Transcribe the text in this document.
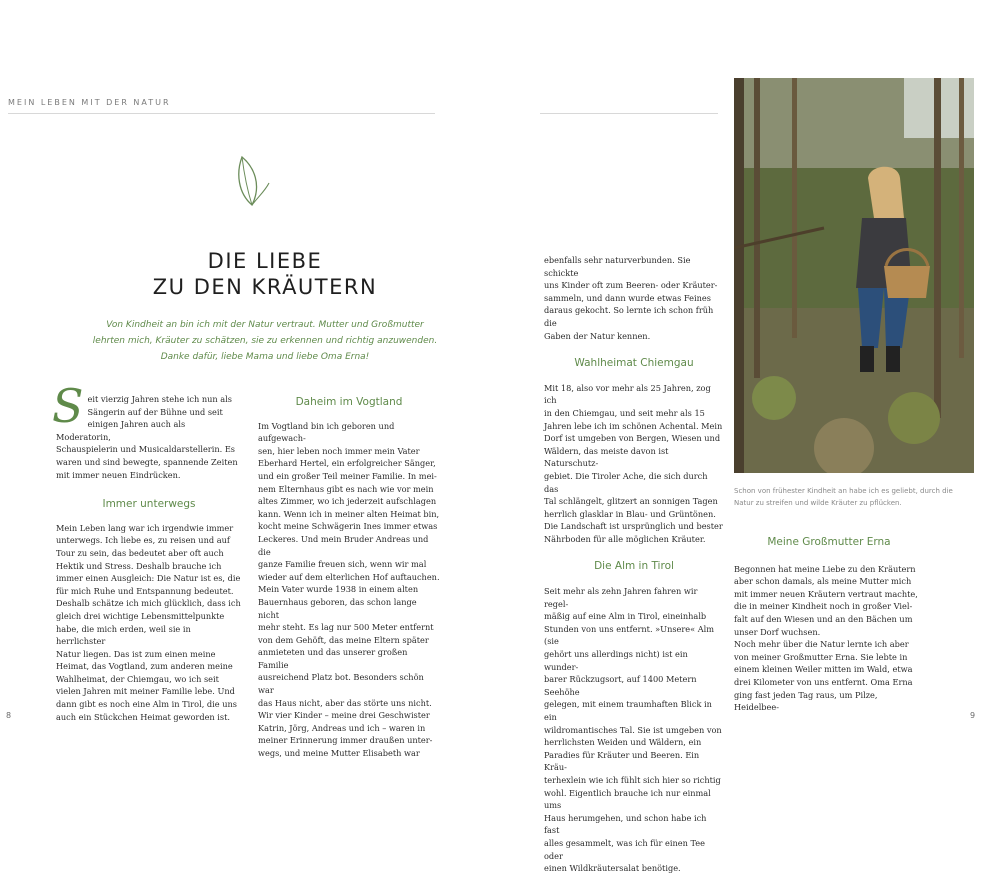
MEIN LEBEN MIT DER NATUR
DIE LIEBE
ZU DEN KRÄUTERN
Von Kindheit an bin ich mit der Natur vertraut. Mutter und Großmutter
lehrten mich, Kräuter zu schätzen, sie zu erkennen und richtig anzuwenden.
Danke dafür, liebe Mama und liebe Oma Erna!
S eit vierzig Jahren stehe ich nun als
Sängerin auf der Bühne und seit
einigen Jahren auch als Moderatorin,
Schauspielerin und Musicaldarstellerin. Es
waren und sind bewegte, spannende Zeiten
mit immer neuen Eindrücken.

Immer unterwegs

Mein Leben lang war ich irgendwie immer
unterwegs. Ich liebe es, zu reisen und auf
Tour zu sein, das bedeutet aber oft auch
Hektik und Stress. Deshalb brauche ich
immer einen Ausgleich: Die Natur ist es, die
für mich Ruhe und Entspannung bedeutet.
Deshalb schätze ich mich glücklich, dass ich
gleich drei wichtige Lebensmittelpunkte
habe, die mich erden, weil sie in herrlichster
Natur liegen. Das ist zum einen meine
Heimat, das Vogtland, zum anderen meine
Wahlheimat, der Chiemgau, wo ich seit
vielen Jahren mit meiner Familie lebe. Und
dann gibt es noch eine Alm in Tirol, die uns
auch ein Stückchen Heimat geworden ist.

Daheim im Vogtland

Im Vogtland bin ich geboren und aufgewach-
sen, hier leben noch immer mein Vater
Eberhard Hertel, ein erfolgreicher Sänger,
und ein großer Teil meiner Familie. In mei-
nem Elternhaus gibt es nach wie vor mein
altes Zimmer, wo ich jederzeit aufschlagen
kann. Wenn ich in meiner alten Heimat bin,
kocht meine Schwägerin Ines immer etwas
Leckeres. Und mein Bruder Andreas und die
ganze Familie freuen sich, wenn wir mal
wieder auf dem elterlichen Hof auftauchen.
Mein Vater wurde 1938 in einem alten
Bauernhaus geboren, das schon lange nicht
mehr steht. Es lag nur 500 Meter entfernt
von dem Gehöft, das meine Eltern später
anmieteten und das unserer großen Familie
ausreichend Platz bot. Besonders schön war
das Haus nicht, aber das störte uns nicht.
Wir vier Kinder – meine drei Geschwister
Katrin, Jörg, Andreas und ich – waren in
meiner Erinnerung immer draußen unter-
wegs, und meine Mutter Elisabeth war

8

ebenfalls sehr naturverbunden. Sie schickte
uns Kinder oft zum Beeren- oder Kräuter-
sammeln, und dann wurde etwas Feines
daraus gekocht. So lernte ich schon früh die
Gaben der Natur kennen.

Wahlheimat Chiemgau

Mit 18, also vor mehr als 25 Jahren, zog ich
in den Chiemgau, und seit mehr als 15
Jahren lebe ich im schönen Achental. Mein
Dorf ist umgeben von Bergen, Wiesen und
Wäldern, das meiste davon ist Naturschutz-
gebiet. Die Tiroler Ache, die sich durch das
Tal schlängelt, glitzert an sonnigen Tagen
herrlich glasklar in Blau- und Grüntönen.
Die Landschaft ist ursprünglich und bester
Nährboden für alle möglichen Kräuter.

Die Alm in Tirol

Seit mehr als zehn Jahren fahren wir regel-
mäßig auf eine Alm in Tirol, eineinhalb
Stunden von uns entfernt. »Unsere« Alm (sie
gehört uns allerdings nicht) ist ein wunder-
barer Rückzugsort, auf 1400 Metern Seehöhe
gelegen, mit einem traumhaften Blick in ein
wildromantisches Tal. Sie ist umgeben von
herrlichsten Weiden und Wäldern, ein
Paradies für Kräuter und Beeren. Ein Kräu-
terhexlein wie ich fühlt sich hier so richtig
wohl. Eigentlich brauche ich nur einmal ums
Haus herumgehen, und schon habe ich fast
alles gesammelt, was ich für einen Tee oder
einen Wildkräutersalat benötige.

Schon von frühester Kindheit an habe ich es geliebt, durch die
Natur zu streifen und wilde Kräuter zu pflücken.

Meine Großmutter Erna

Begonnen hat meine Liebe zu den Kräutern
aber schon damals, als meine Mutter mich
mit immer neuen Kräutern vertraut machte,
die in meiner Kindheit noch in großer Viel-
falt auf den Wiesen und an den Bächen um
unser Dorf wuchsen.
Noch mehr über die Natur lernte ich aber
von meiner Großmutter Erna. Sie lebte in
einem kleinen Weiler mitten im Wald, etwa
drei Kilometer von uns entfernt. Oma Erna
ging fast jeden Tag raus, um Pilze, Heidelbee-

9
